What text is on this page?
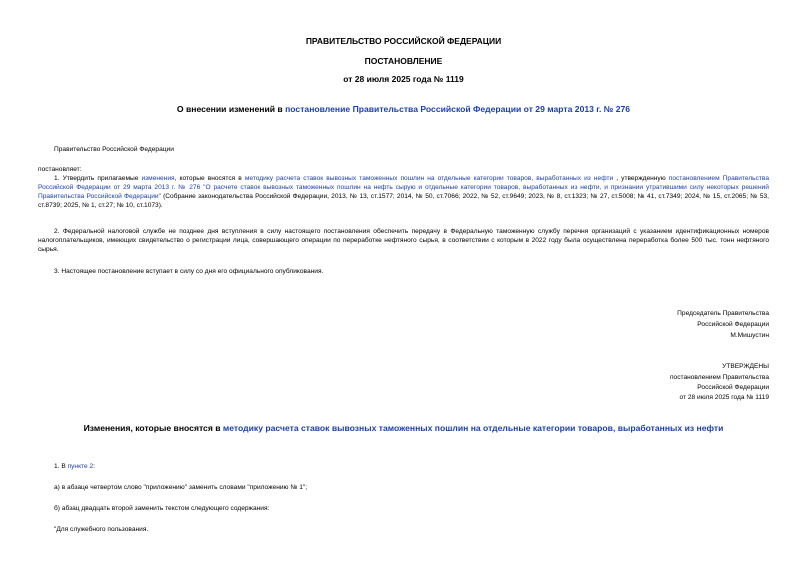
ПРАВИТЕЛЬСТВО РОССИЙСКОЙ ФЕДЕРАЦИИ
ПОСТАНОВЛЕНИЕ
от 28 июля 2025 года № 1119
О внесении изменений в постановление Правительства Российской Федерации от 29 марта 2013 г. № 276
Правительство Российской Федерации
постановляет:
1. Утвердить прилагаемые изменения, которые вносятся в методику расчета ставок вывозных таможенных пошлин на отдельные категории товаров, выработанных из нефти , утвержденную постановлением Правительства Российской Федерации от 29 марта 2013 г. № 276 "О расчете ставок вывозных таможенных пошлин на нефть сырую и отдельные категории товаров, выработанных из нефти, и признании утратившими силу некоторых решений Правительства Российской Федерации" (Собрание законодательства Российской Федерации, 2013, № 13, ст.1577; 2014, № 50, ст.7066; 2022, № 52, ст.9649; 2023, № 8, ст.1323; № 27, ст.5008; № 41, ст.7349; 2024, № 15, ст.2065; № 53, ст.8739; 2025, № 1, ст.27; № 10, ст.1073).
2. Федеральной налоговой службе не позднее дня вступления в силу настоящего постановления обеспечить передачу в Федеральную таможенную службу перечня организаций с указанием идентификационных номеров налогоплательщиков, имеющих свидетельство о регистрации лица, совершающего операции по переработке нефтяного сырья, в соответствии с которым в 2022 году была осуществлена переработка более 500 тыс. тонн нефтяного сырья.
3. Настоящее постановление вступает в силу со дня его официального опубликования.
Председатель Правительства
Российской Федерации
М.Мишустин
УТВЕРЖДЕНЫ
постановлением Правительства
Российской Федерации
от 28 июля 2025 года № 1119
Изменения, которые вносятся в методику расчета ставок вывозных таможенных пошлин на отдельные категории товаров, выработанных из нефти
1. В пункте 2:
а) в абзаце четвертом слово "приложению" заменить словами "приложению № 1";
б) абзац двадцать второй заменить текстом следующего содержания:
"Для служебного пользования.
